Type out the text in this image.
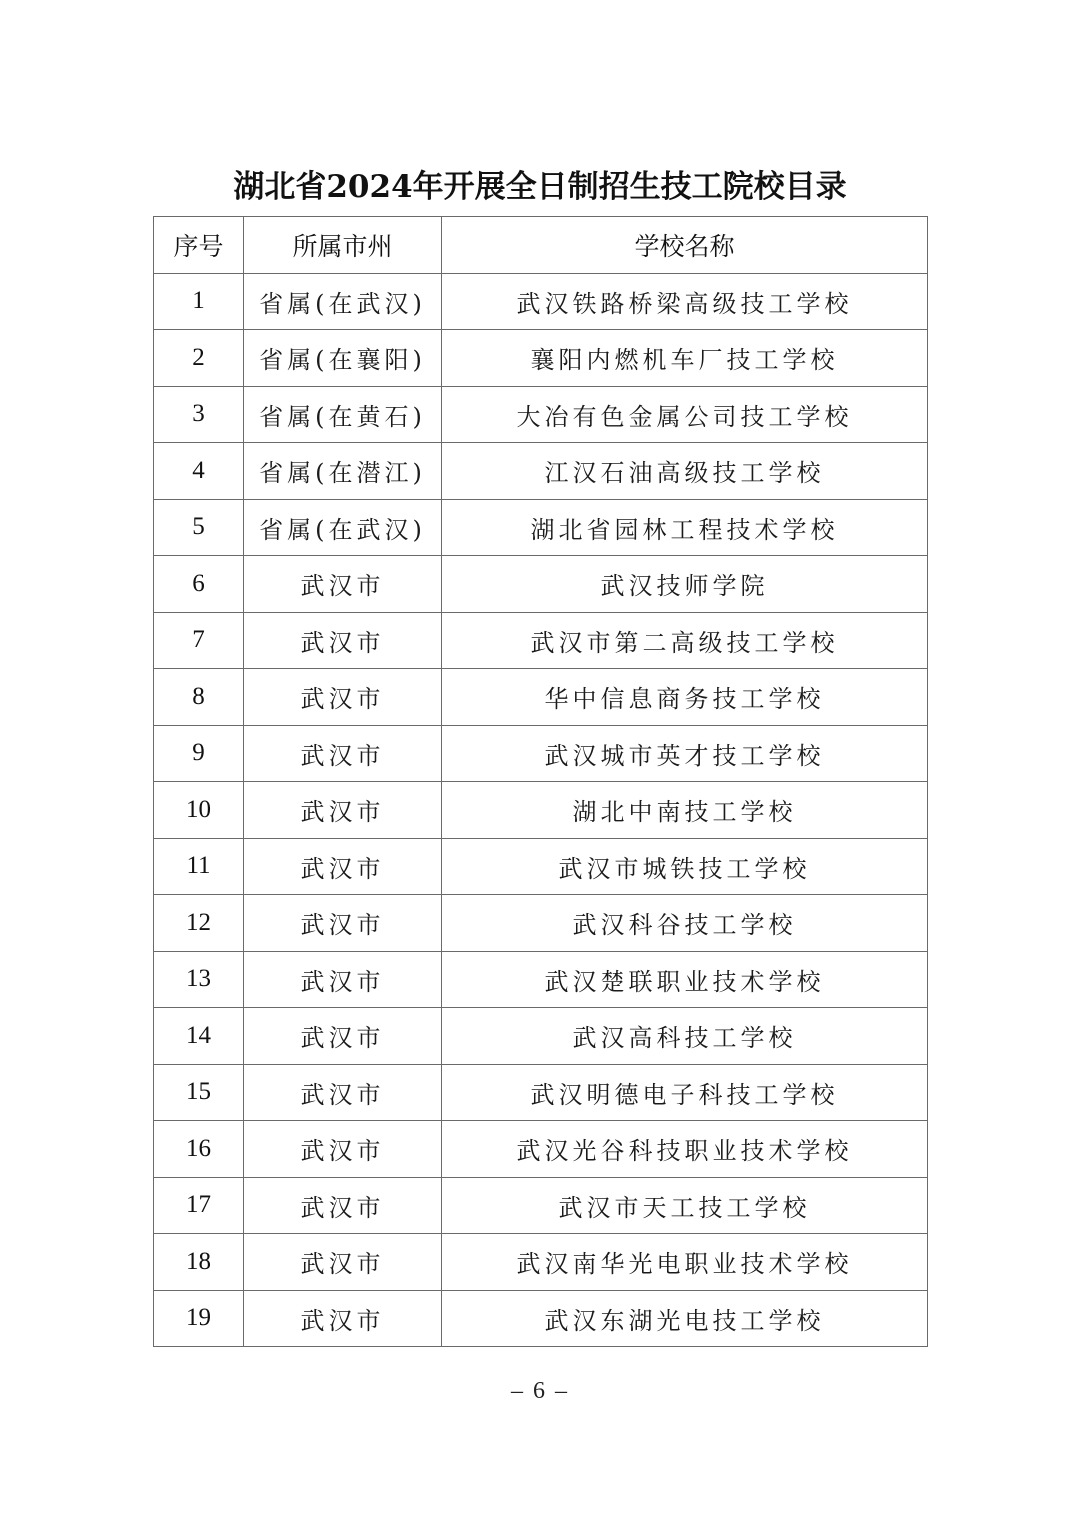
湖北省2024年开展全日制招生技工院校目录
序号	所属市州	学校名称
1	省属(在武汉)	武汉铁路桥梁高级技工学校
2	省属(在襄阳)	襄阳内燃机车厂技工学校
3	省属(在黄石)	大冶有色金属公司技工学校
4	省属(在潜江)	江汉石油高级技工学校
5	省属(在武汉)	湖北省园林工程技术学校
6	武汉市	武汉技师学院
7	武汉市	武汉市第二高级技工学校
8	武汉市	华中信息商务技工学校
9	武汉市	武汉城市英才技工学校
10	武汉市	湖北中南技工学校
11	武汉市	武汉市城铁技工学校
12	武汉市	武汉科谷技工学校
13	武汉市	武汉楚联职业技术学校
14	武汉市	武汉高科技工学校
15	武汉市	武汉明德电子科技工学校
16	武汉市	武汉光谷科技职业技术学校
17	武汉市	武汉市天工技工学校
18	武汉市	武汉南华光电职业技术学校
19	武汉市	武汉东湖光电技工学校
– 6 –
